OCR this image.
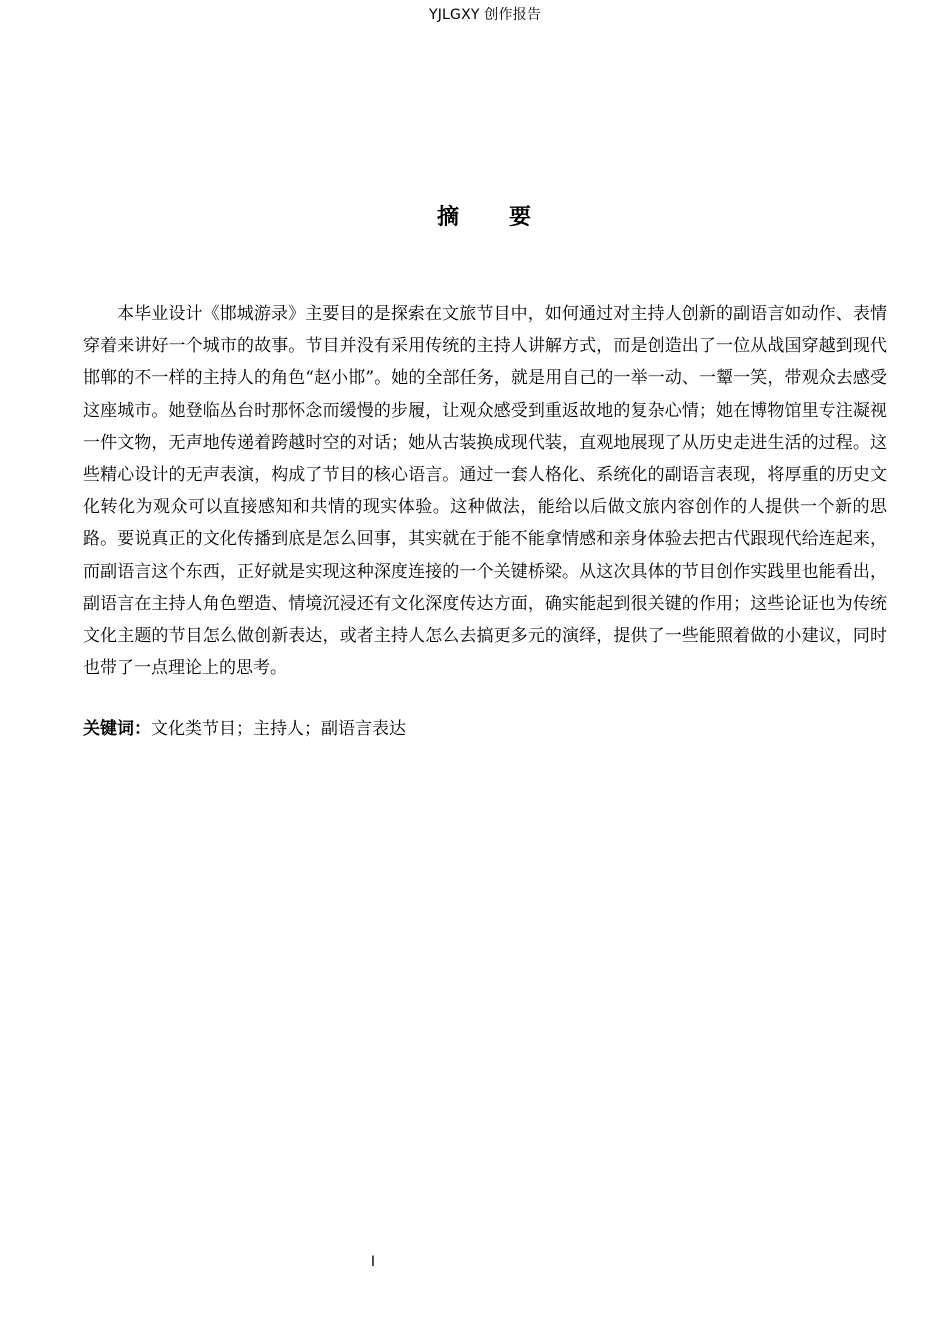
YJLGXY 创作报告
摘　　要

本毕业设计《邯城游录》主要目的是探索在文旅节目中，如何通过对主持人创新的副语言如动作、表情穿着来讲好一个城市的故事。节目并没有采用传统的主持人讲解方式，而是创造出了一位从战国穿越到现代邯郸的不一样的主持人的角色“赵小邯”。她的全部任务，就是用自己的一举一动、一颦一笑，带观众去感受这座城市。她登临丛台时那怀念而缓慢的步履，让观众感受到重返故地的复杂心情；她在博物馆里专注凝视一件文物，无声地传递着跨越时空的对话；她从古装换成现代装，直观地展现了从历史走进生活的过程。这些精心设计的无声表演，构成了节目的核心语言。通过一套人格化、系统化的副语言表现，将厚重的历史文化转化为观众可以直接感知和共情的现实体验。这种做法，能给以后做文旅内容创作的人提供一个新的思路。要说真正的文化传播到底是怎么回事，其实就在于能不能拿情感和亲身体验去把古代跟现代给连起来，而副语言这个东西，正好就是实现这种深度连接的一个关键桥梁。从这次具体的节目创作实践里也能看出，副语言在主持人角色塑造、情境沉浸还有文化深度传达方面，确实能起到很关键的作用；这些论证也为传统文化主题的节目怎么做创新表达，或者主持人怎么去搞更多元的演绎，提供了一些能照着做的小建议，同时也带了一点理论上的思考。

关键词：文化类节目；主持人；副语言表达

I
